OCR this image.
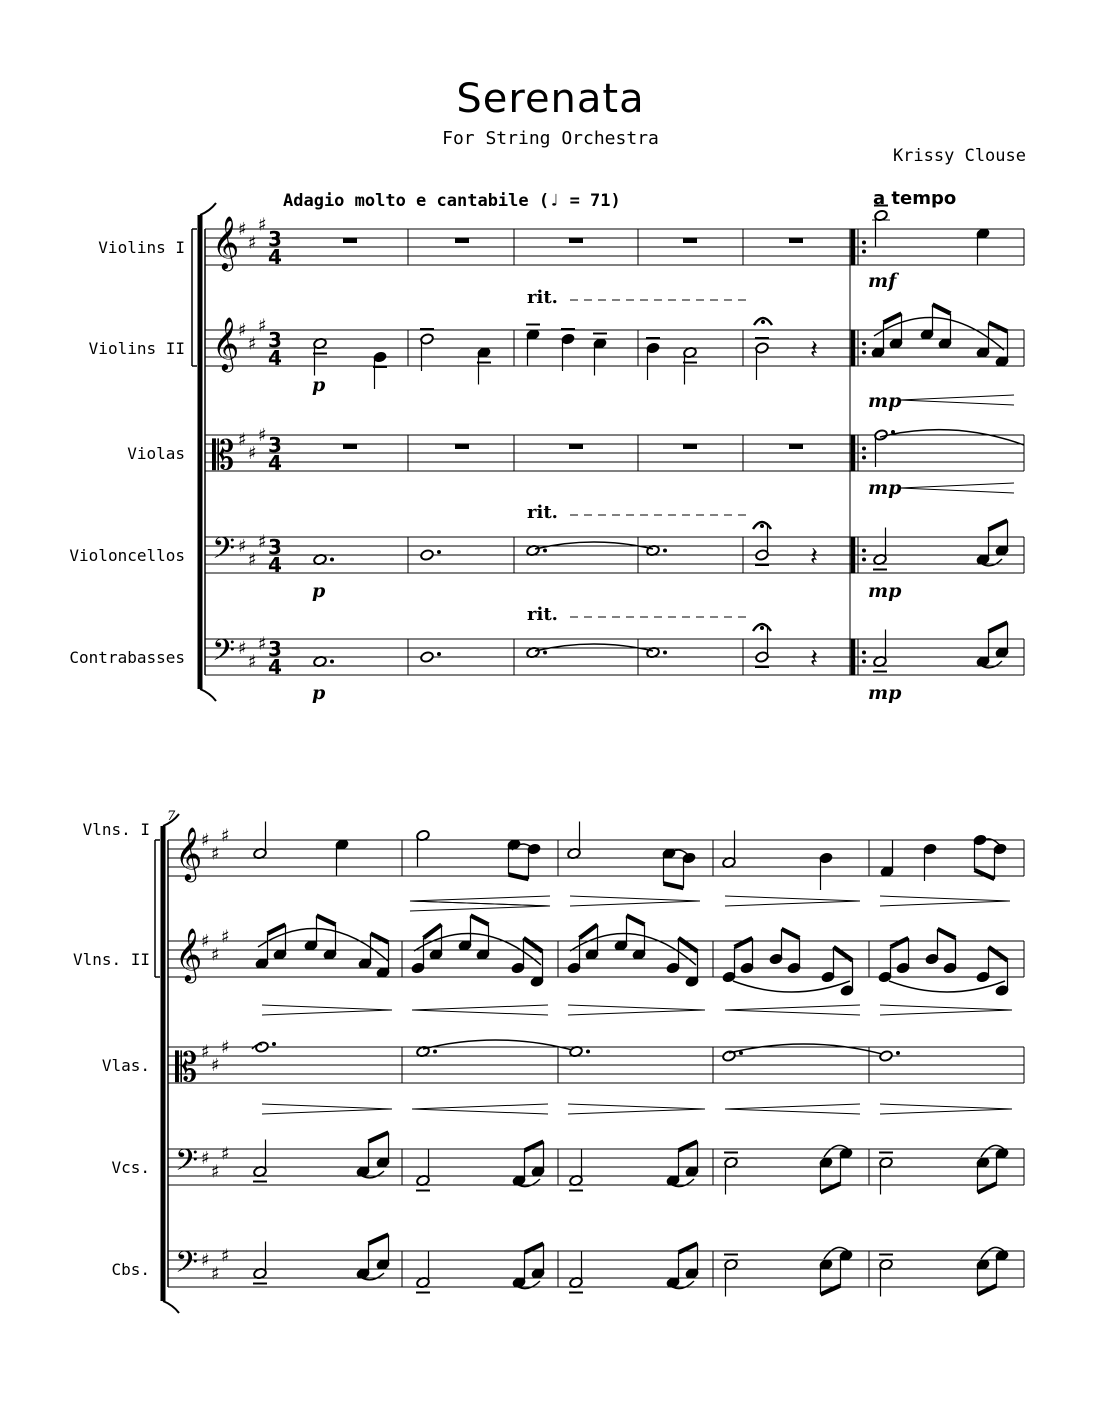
Serenata
For String Orchestra
Krissy Clouse
Adagio molto e cantabile (♩ = 71)	a tempo
Violins I
Violins II
Violas
Violoncellos
Contrabasses
Vlns. I
Vlns. II
Vlas.
Vcs.
Cbs.
7
rit.
rit.
rit.
mf
p
mp
mp
p	mp
p	mp
𝄞
♯
♯
♯
3
4
𝄞
♯
♯
♯
3
4
𝄡 ♯
♯
♯ 3
4
𝄢 ♯
♯
♯ 3
4
𝄢 ♯
♯
♯ 3
4
𝄽
𝄽
𝄽
𝄞
♯
♯
♯
𝄞
♯
♯
♯
𝄡 ♯
♯
♯
𝄢 ♯
♯
♯
𝄢 ♯
♯
♯
